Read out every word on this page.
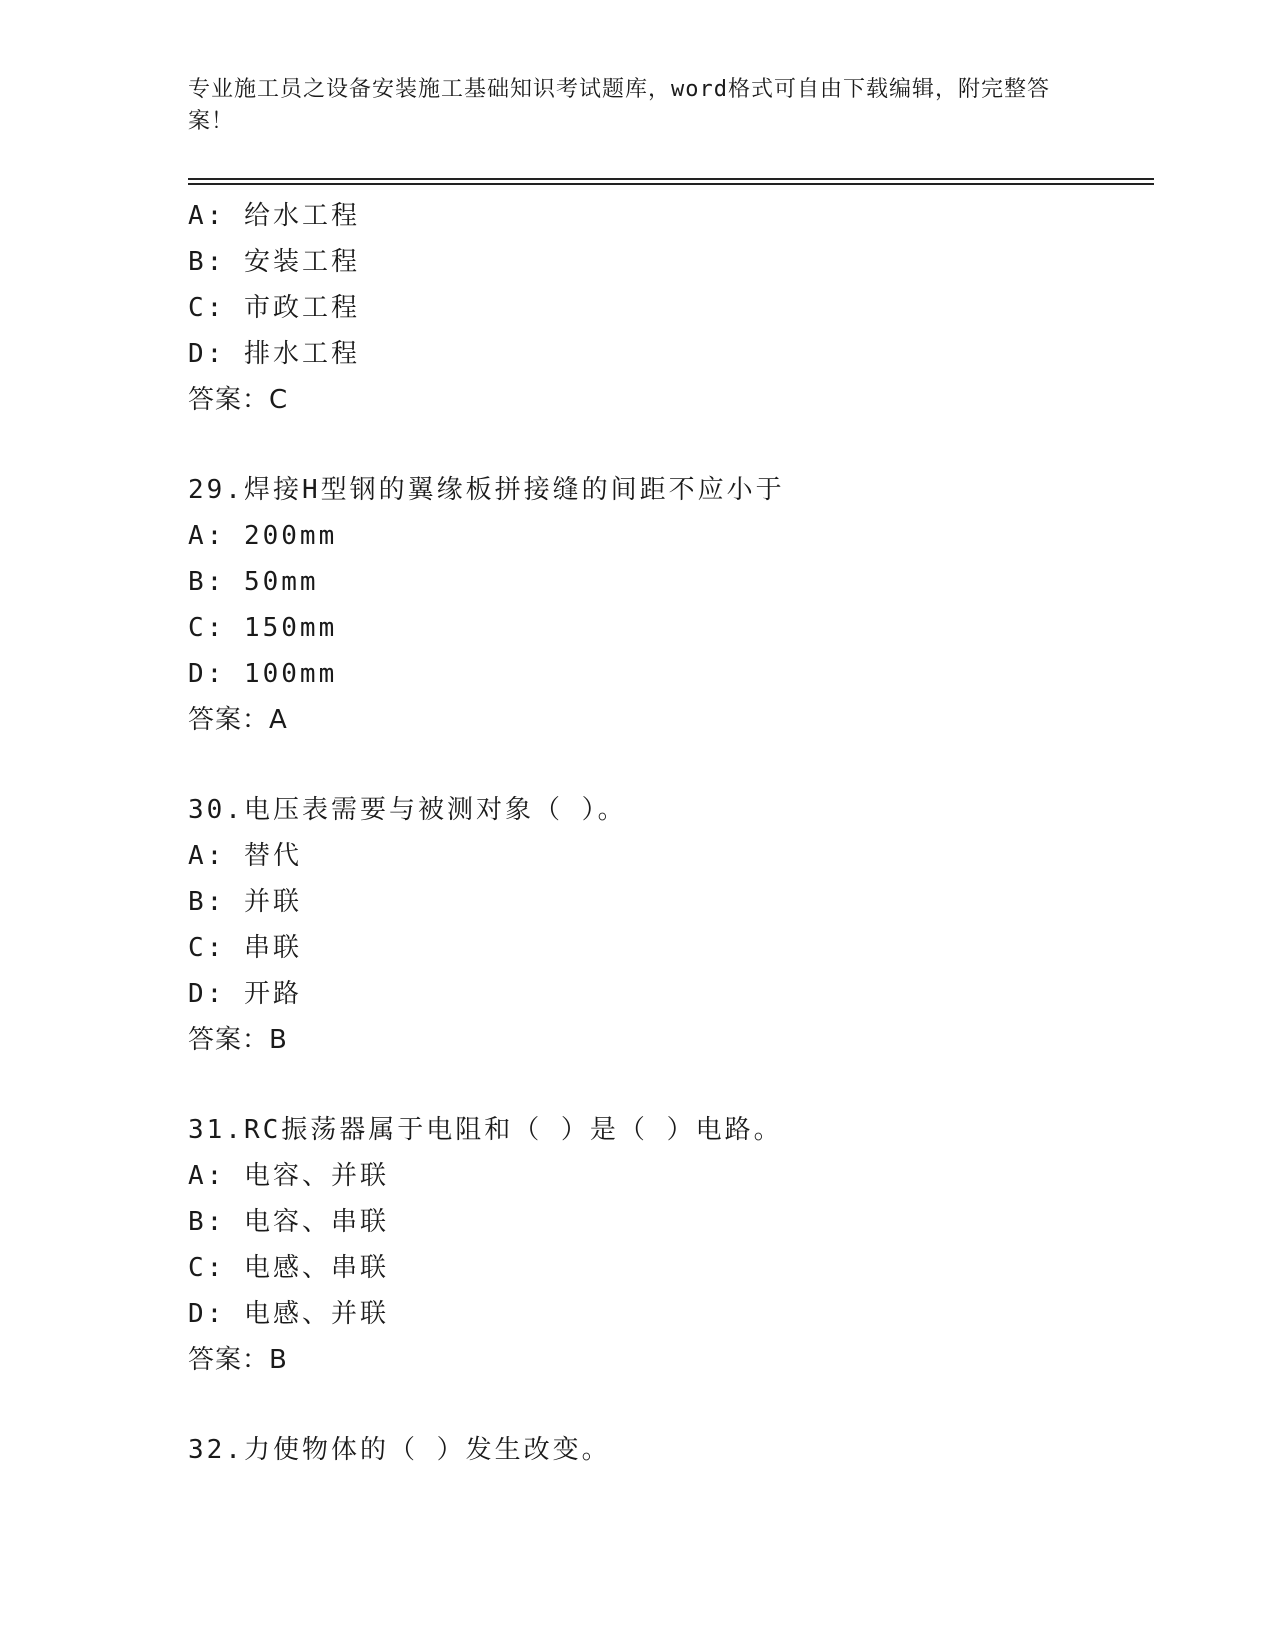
专业施工员之设备安装施工基础知识考试题库，word格式可自由下载编辑，附完整答案！
A: 给水工程
B: 安装工程
C: 市政工程
D: 排水工程
答案：C
29.焊接H型钢的翼缘板拼接缝的间距不应小于
A: 200mm
B: 50mm
C: 150mm
D: 100mm
答案：A
30.电压表需要与被测对象（ ）。
A: 替代
B: 并联
C: 串联
D: 开路
答案：B
31.RC振荡器属于电阻和（ ）是（ ）电路。
A: 电容、并联
B: 电容、串联
C: 电感、串联
D: 电感、并联
答案：B
32.力使物体的（ ）发生改变。
